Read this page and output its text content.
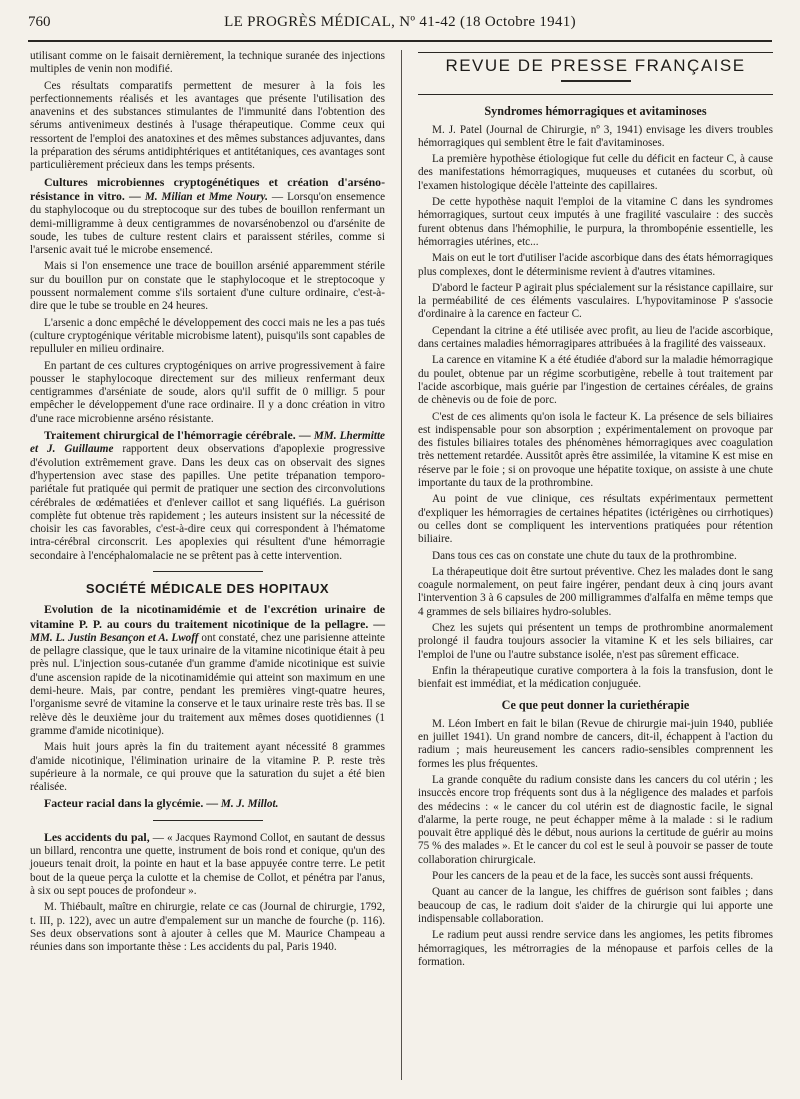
760	LE PROGRÈS MÉDICAL, Nº 41-42 (18 Octobre 1941)

utilisant comme on le faisait dernièrement, la technique suranée des injections multiples de venin non modifié.

Ces résultats comparatifs permettent de mesurer à la fois les perfectionnements réalisés et les avantages que présente l'utilisation des anavenins et des substances stimulantes de l'immunité dans l'obtention des sérums antivenimeux destinés à l'usage thérapeutique. Comme ceux qui ressortent de l'emploi des anatoxines et des mêmes substances adjuvantes, dans la préparation des sérums antidiphtériques et antitétaniques, ces avantages sont particulièrement précieux dans les temps présents.

Cultures microbiennes cryptogénétiques et création d'arséno-résistance in vitro. — M. Milian et Mme Noury. — Lorsqu'on ensemence du staphylocoque ou du streptocoque sur des tubes de bouillon renfermant un demi-milligramme à deux centigrammes de novarsénobenzol ou d'arsénite de soude, les tubes de culture restent clairs et paraissent stériles, comme si l'arsenic avait tué le microbe ensemencé.

Mais si l'on ensemence une trace de bouillon arsénié apparemment stérile sur du bouillon pur on constate que le staphylocoque et le streptocoque y poussent normalement comme s'ils sortaient d'une culture ordinaire, c'est-à-dire que le tube se trouble en 24 heures.

L'arsenic a donc empêché le développement des cocci mais ne les a pas tués (culture cryptogénique véritable microbisme latent), puisqu'ils sont capables de repulluler en milieu ordinaire.

En partant de ces cultures cryptogéniques on arrive progressivement à faire pousser le staphylocoque directement sur des milieux renfermant deux centigrammes d'arséniate de soude, alors qu'il suffit de 0 milligr. 5 pour empêcher le développement d'une race ordinaire. Il y a donc création in vitro d'une race microbienne arséno résistante.

Traitement chirurgical de l'hémorragie cérébrale. — MM. Lhermitte et J. Guillaume rapportent deux observations d'apoplexie progressive d'évolution extrêmement grave. Dans les deux cas on observait des signes d'hypertension avec stase des papilles. Une petite trépanation temporo-pariétale fut pratiquée qui permit de pratiquer une section des circonvolutions cérébrales de œdématiées et d'enlever caillot et sang liquéfiés. La guérison complète fut obtenue très rapidement ; les auteurs insistent sur la nécessité de choisir les cas favorables, c'est-à-dire ceux qui correspondent à l'hématome intra-cérébral circonscrit. Les apoplexies qui résultent d'une hémorragie secondaire à l'encéphalomalacie ne se prêtent pas à cette intervention.

SOCIÉTÉ MÉDICALE DES HOPITAUX

Evolution de la nicotinamidémie et de l'excrétion urinaire de vitamine P. P. au cours du traitement nicotinique de la pellagre. — MM. L. Justin Besançon et A. Lwoff ont constaté, chez une parisienne atteinte de pellagre classique, que le taux urinaire de la vitamine nicotinique était à peu près nul. L'injection sous-cutanée d'un gramme d'amide nicotinique est suivie d'une ascension rapide de la nicotinamidémie qui atteint son maximum en une demi-heure. Mais, par contre, pendant les premières vingt-quatre heures, l'organisme sevré de vitamine la conserve et le taux urinaire reste très bas. Il se relève dès le deuxième jour du traitement aux mêmes doses quotidiennes (1 gramme d'amide nicotinique).

Mais huit jours après la fin du traitement ayant nécessité 8 grammes d'amide nicotinique, l'élimination urinaire de la vitamine P. P. reste très supérieure à la normale, ce qui prouve que la saturation du sujet a été bien réalisée.

Facteur racial dans la glycémie. — M. J. Millot.

Les accidents du pal, — « Jacques Raymond Collot, en sautant de dessus un billard, rencontra une quette, instrument de bois rond et conique, qu'un des joueurs tenait droit, la pointe en haut et la base appuyée contre terre. Le petit bout de la queue perça la culotte et la chemise de Collot, et pénétra par l'anus, à six ou sept pouces de profondeur ».

M. Thiébault, maître en chirurgie, relate ce cas (Journal de chirurgie, 1792, t. III, p. 122), avec un autre d'empalement sur un manche de fourche (p. 116). Ses deux observations sont à ajouter à celles que M. Maurice Champeau a réunies dans son importante thèse : Les accidents du pal, Paris 1940.

REVUE DE PRESSE FRANÇAISE
Syndromes hémorragiques et avitaminoses

M. J. Patel (Journal de Chirurgie, nº 3, 1941) envisage les divers troubles hémorragiques qui semblent être le fait d'avitaminoses.

La première hypothèse étiologique fut celle du déficit en facteur C, à cause des manifestations hémorragiques, muqueuses et cutanées du scorbut, où l'examen histologique décèle l'atteinte des capillaires.

De cette hypothèse naquit l'emploi de la vitamine C dans les syndromes hémorragiques, surtout ceux imputés à une fragilité vasculaire : des succès furent obtenus dans l'hémophilie, le purpura, la thrombopénie essentielle, les hémorragies utérines, etc...

Mais on eut le tort d'utiliser l'acide ascorbique dans des états hémorragiques plus complexes, dont le déterminisme revient à d'autres vitamines.

D'abord le facteur P agirait plus spécialement sur la résistance capillaire, sur la perméabilité de ces éléments vasculaires. L'hypovitaminose P s'associe d'ordinaire à la carence en facteur C.

Cependant la citrine a été utilisée avec profit, au lieu de l'acide ascorbique, dans certaines maladies hémorragipares attribuées à la fragilité des vaisseaux.

La carence en vitamine K a été étudiée d'abord sur la maladie hémorragique du poulet, obtenue par un régime scorbutigène, rebelle à tout traitement par l'acide ascorbique, mais guérie par l'ingestion de certaines céréales, de grains de chènevis ou de foie de porc.

C'est de ces aliments qu'on isola le facteur K. La présence de sels biliaires est indispensable pour son absorption ; expérimentalement on provoque par des fistules biliaires totales des phénomènes hémorragiques avec coagulation très nettement retardée. Aussitôt après être assimilée, la vitamine K est mise en réserve par le foie ; si on provoque une hépatite toxique, on assiste à une chute importante du taux de la prothrombine.

Au point de vue clinique, ces résultats expérimentaux permettent d'expliquer les hémorragies de certaines hépatites (ictérigènes ou cirrhotiques) ou celles dont se compliquent les interventions pratiquées pour rétention biliaire.

Dans tous ces cas on constate une chute du taux de la prothrombine.

La thérapeutique doit être surtout préventive. Chez les malades dont le sang coagule normalement, on peut faire ingérer, pendant deux à cinq jours avant l'intervention 3 à 6 capsules de 200 milligrammes d'alfalfa en même temps que 4 grammes de sels biliaires hydro-solubles.

Chez les sujets qui présentent un temps de prothrombine anormalement prolongé il faudra toujours associer la vitamine K et les sels biliaires, car l'emploi de l'une ou l'autre substance isolée, n'est pas sûrement efficace.

Enfin la thérapeutique curative comportera à la fois la transfusion, dont le bienfait est immédiat, et la médication conjuguée.

Ce que peut donner la curiethérapie

M. Léon Imbert en fait le bilan (Revue de chirurgie mai-juin 1940, publiée en juillet 1941). Un grand nombre de cancers, dit-il, échappent à l'action du radium ; mais heureusement les cancers radio-sensibles comprennent les formes les plus fréquentes.

La grande conquête du radium consiste dans les cancers du col utérin ; les insuccès encore trop fréquents sont dus à la négligence des malades et parfois des médecins : « le cancer du col utérin est de diagnostic facile, le signal d'alarme, la perte rouge, ne peut échapper même à la malade : si le radium pouvait être appliqué dès le début, nous aurions la certitude de guérir au moins 75 % des malades ». Et le cancer du col est le seul à pouvoir se passer de toute collaboration chirurgicale.

Pour les cancers de la peau et de la face, les succès sont aussi fréquents.

Quant au cancer de la langue, les chiffres de guérison sont faibles ; dans beaucoup de cas, le radium doit s'aider de la chirurgie qui lui apporte une indispensable collaboration.

Le radium peut aussi rendre service dans les angiomes, les petits fibromes hémorragiques, les métrorragies de la ménopause et parfois celles de la formation.
